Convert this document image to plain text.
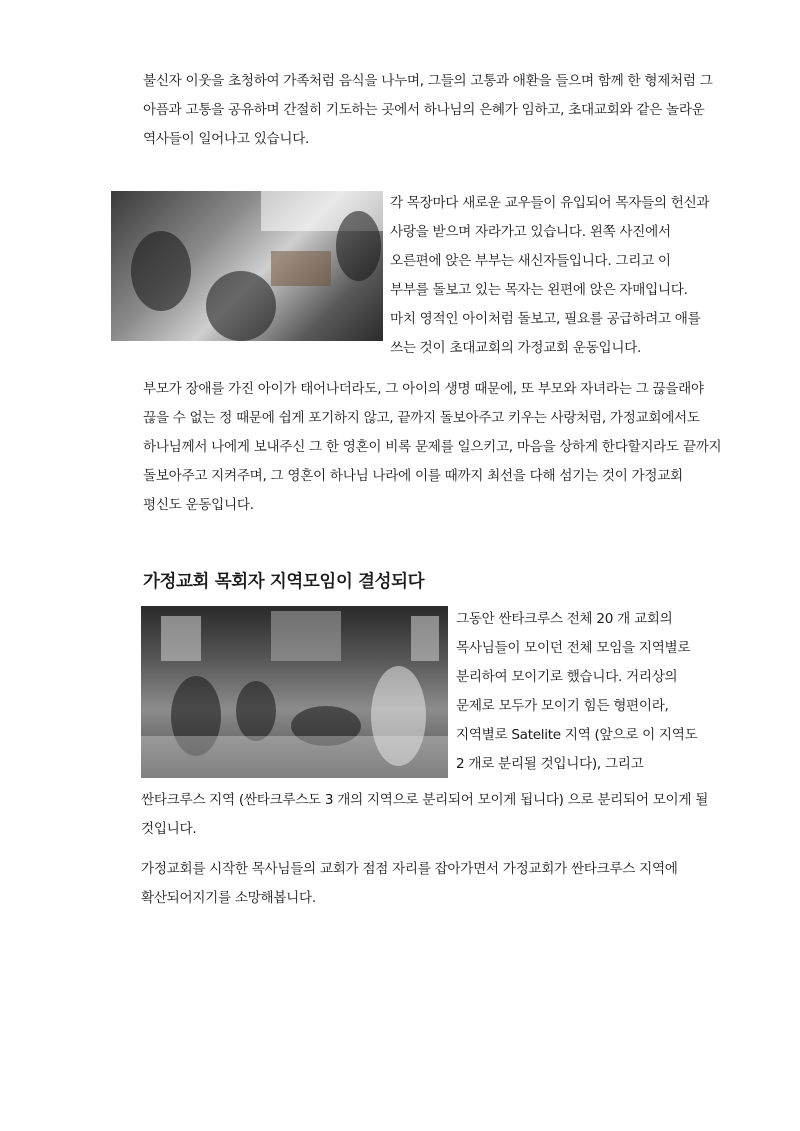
불신자 이웃을 초청하여 가족처럼 음식을 나누며, 그들의 고통과 애환을 들으며 함께 한 형제처럼 그
아픔과 고통을 공유하며 간절히 기도하는 곳에서 하나님의 은혜가 임하고, 초대교회와 같은 놀라운
역사들이 일어나고 있습니다.

각 목장마다 새로운 교우들이 유입되어 목자들의 헌신과
사랑을 받으며 자라가고 있습니다. 왼쪽 사진에서
오른편에 앉은 부부는 새신자들입니다. 그리고 이
부부를 돌보고 있는 목자는 왼편에 앉은 자매입니다.
마치 영적인 아이처럼 돌보고, 필요를 공급하려고 애를
쓰는 것이 초대교회의 가정교회 운동입니다.

부모가 장애를 가진 아이가 태어나더라도, 그 아이의 생명 때문에, 또 부모와 자녀라는 그 끊을래야
끊을 수 없는 정 때문에 쉽게 포기하지 않고, 끝까지 돌보아주고 키우는 사랑처럼, 가정교회에서도
하나님께서 나에게 보내주신 그 한 영혼이 비록 문제를 일으키고, 마음을 상하게 한다할지라도 끝까지
돌보아주고 지켜주며, 그 영혼이 하나님 나라에 이를 때까지 최선을 다해 섬기는 것이 가정교회
평신도 운동입니다.

가정교회 목회자 지역모임이 결성되다

그동안 싼타크루스 전체 20 개 교회의
목사님들이 모이던 전체 모임을 지역별로
분리하여 모이기로 했습니다. 거리상의
문제로 모두가 모이기 힘든 형편이라,
지역별로 Satelite 지역 (앞으로 이 지역도
2 개로 분리될 것입니다), 그리고

싼타크루스 지역 (싼타크루스도 3 개의 지역으로 분리되어 모이게 됩니다) 으로 분리되어 모이게 될
것입니다.

가정교회를 시작한 목사님들의 교회가 점점 자리를 잡아가면서 가정교회가 싼타크루스 지역에
확산되어지기를 소망해봅니다.
